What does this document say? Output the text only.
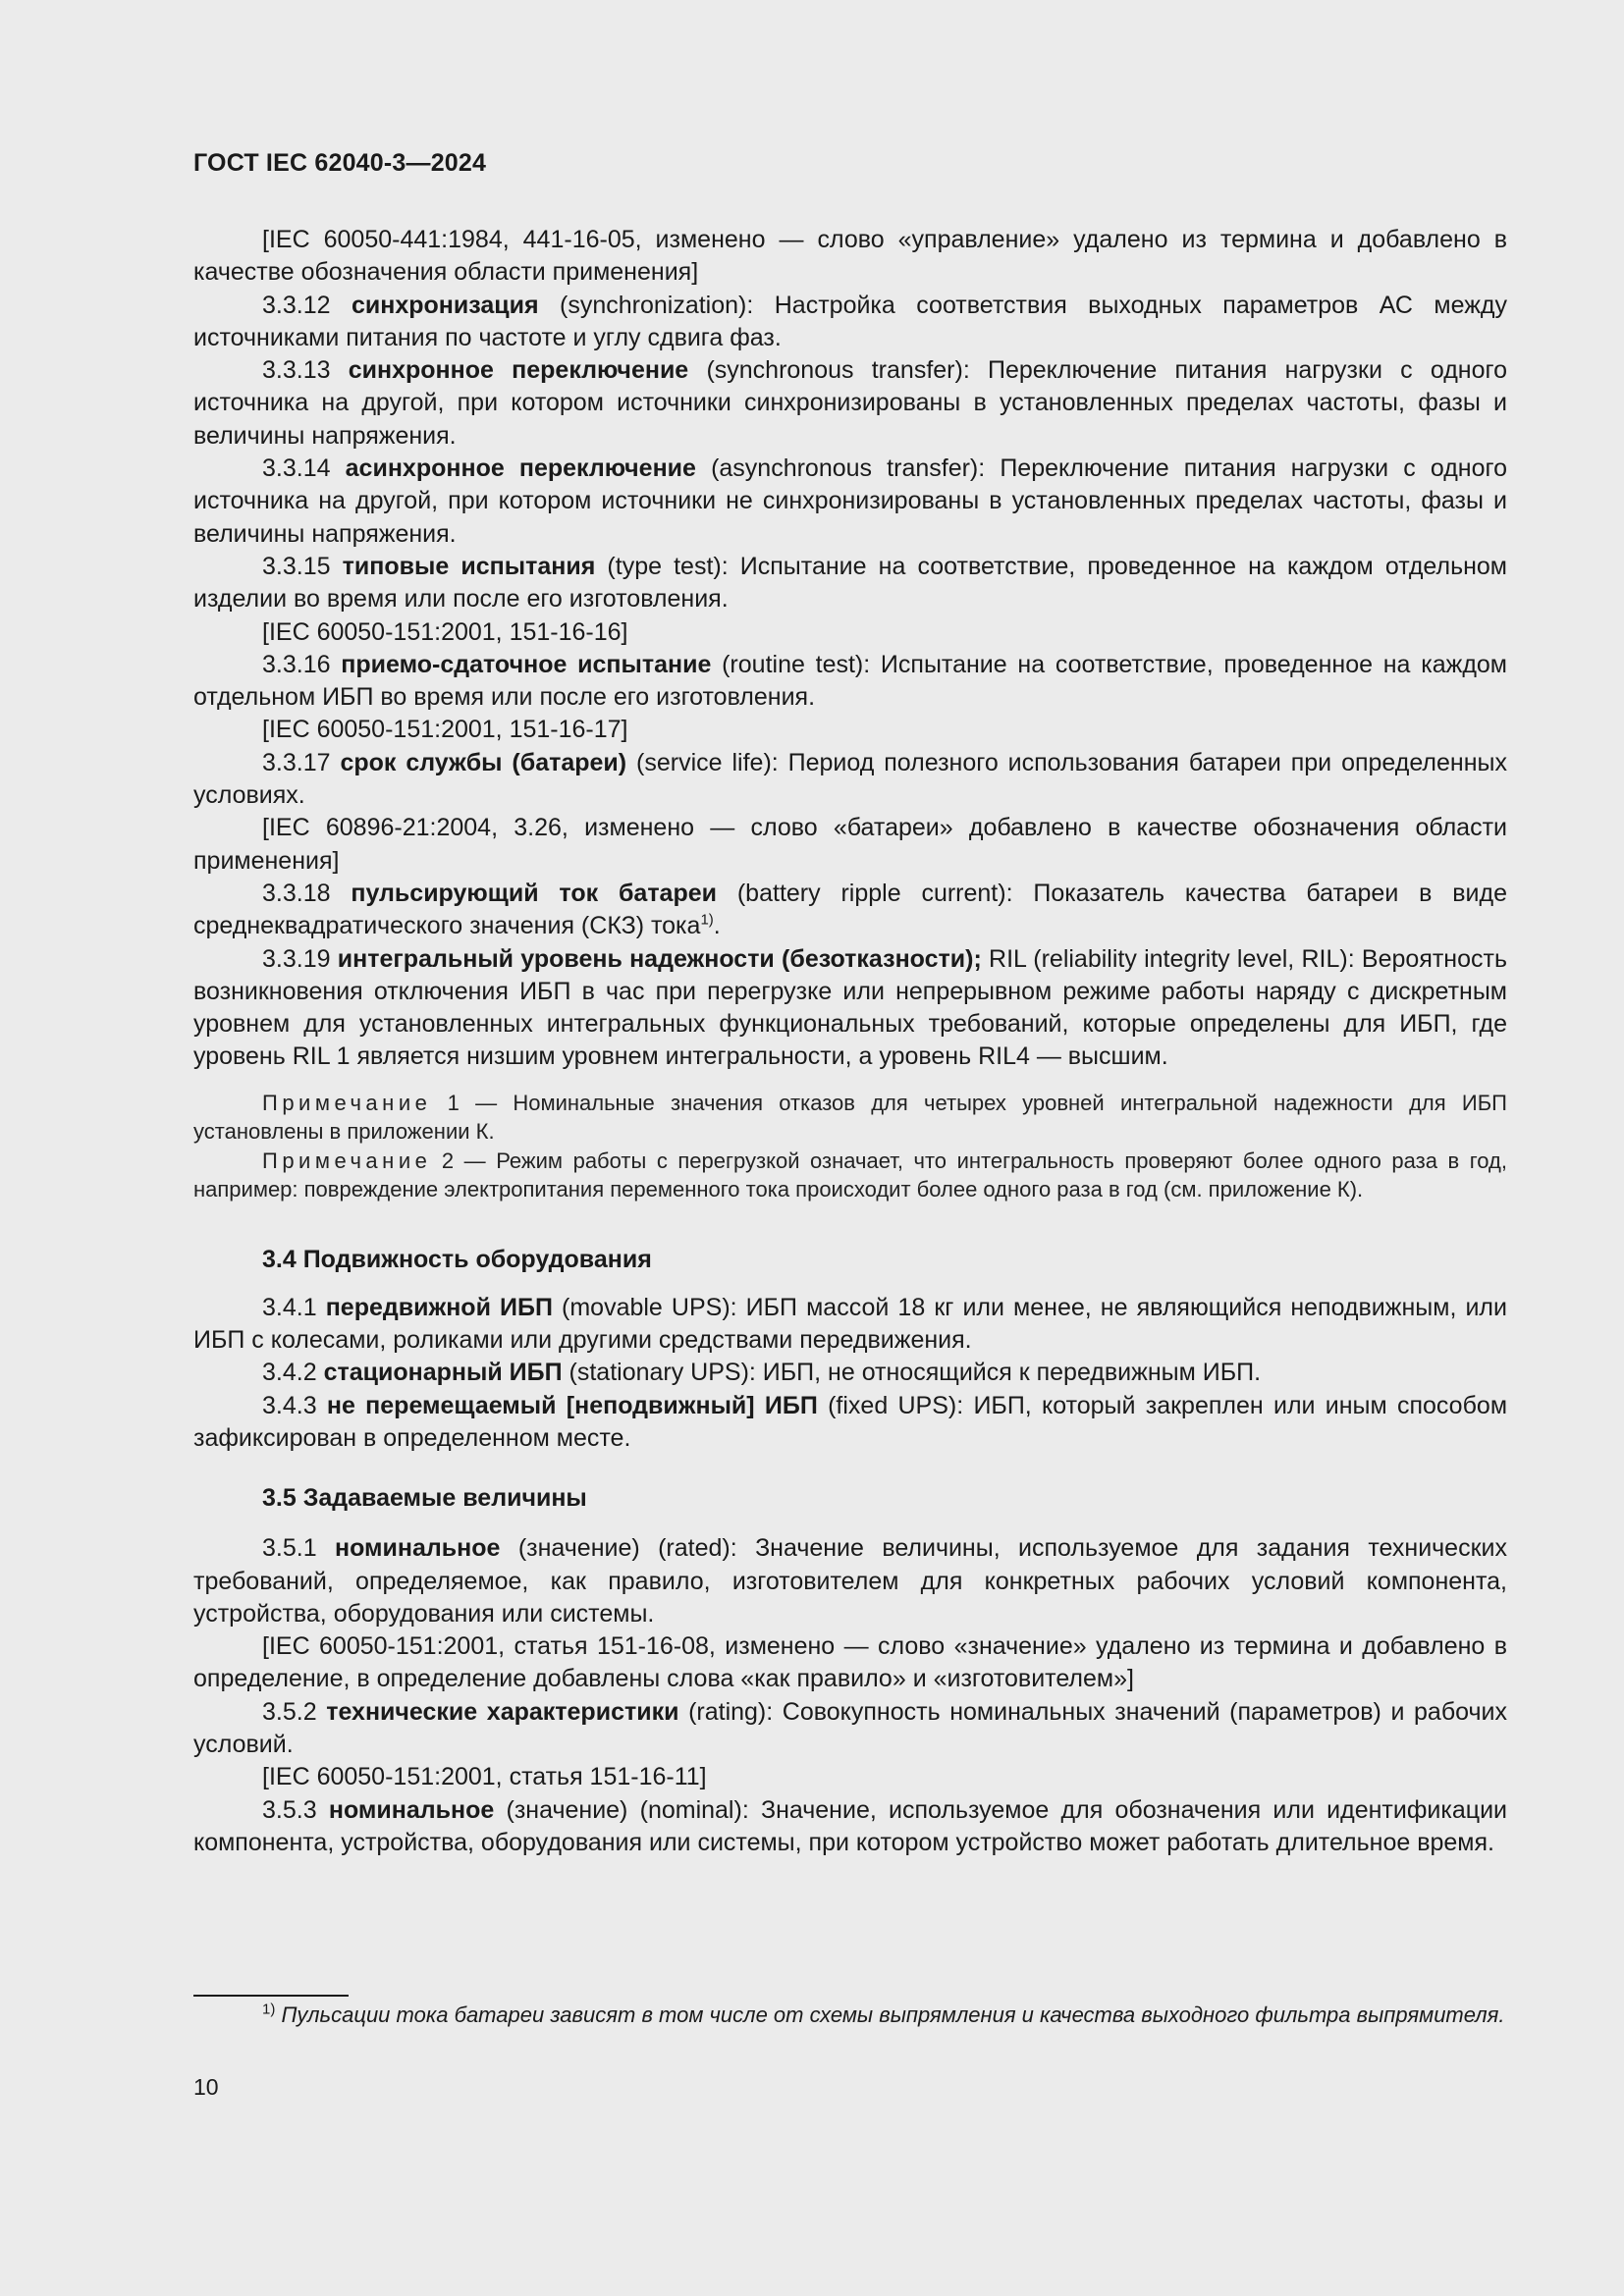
ГОСТ IEC 62040-3—2024

[IEC 60050-441:1984, 441-16-05, изменено — слово «управление» удалено из термина и добавлено в качестве обозначения области применения]

3.3.12 синхронизация (synchronization): Настройка соответствия выходных параметров АС между источниками питания по частоте и углу сдвига фаз.

3.3.13 синхронное переключение (synchronous transfer): Переключение питания нагрузки с одного источника на другой, при котором источники синхронизированы в установленных пределах частоты, фазы и величины напряжения.

3.3.14 асинхронное переключение (asynchronous transfer): Переключение питания нагрузки с одного источника на другой, при котором источники не синхронизированы в установленных пределах частоты, фазы и величины напряжения.

3.3.15 типовые испытания (type test): Испытание на соответствие, проведенное на каждом отдельном изделии во время или после его изготовления.

[IEC 60050-151:2001, 151-16-16]

3.3.16 приемо-сдаточное испытание (routine test): Испытание на соответствие, проведенное на каждом отдельном ИБП во время или после его изготовления.

[IEC 60050-151:2001, 151-16-17]

3.3.17 срок службы (батареи) (service life): Период полезного использования батареи при определенных условиях.

[IEC 60896-21:2004, 3.26, изменено — слово «батареи» добавлено в качестве обозначения области применения]

3.3.18 пульсирующий ток батареи (battery ripple current): Показатель качества батареи в виде среднеквадратического значения (СКЗ) тока$^{1)}$.

3.3.19 интегральный уровень надежности (безотказности); RIL (reliability integrity level, RIL): Вероятность возникновения отключения ИБП в час при перегрузке или непрерывном режиме работы наряду с дискретным уровнем для установленных интегральных функциональных требований, которые определены для ИБП, где уровень RIL 1 является низшим уровнем интегральности, а уровень RIL4 — высшим.

Примечание 1 — Номинальные значения отказов для четырех уровней интегральной надежности для ИБП установлены в приложении К.

Примечание 2 — Режим работы с перегрузкой означает, что интегральность проверяют более одного раза в год, например: повреждение электропитания переменного тока происходит более одного раза в год (см. приложение К).

3.4 Подвижность оборудования

3.4.1 передвижной ИБП (movable UPS): ИБП массой 18 кг или менее, не являющийся неподвижным, или ИБП с колесами, роликами или другими средствами передвижения.

3.4.2 стационарный ИБП (stationary UPS): ИБП, не относящийся к передвижным ИБП.

3.4.3 не перемещаемый [неподвижный] ИБП (fixed UPS): ИБП, который закреплен или иным способом зафиксирован в определенном месте.

3.5 Задаваемые величины

3.5.1 номинальное (значение) (rated): Значение величины, используемое для задания технических требований, определяемое, как правило, изготовителем для конкретных рабочих условий компонента, устройства, оборудования или системы.

[IEC 60050-151:2001, статья 151-16-08, изменено — слово «значение» удалено из термина и добавлено в определение, в определение добавлены слова «как правило» и «изготовителем»]

3.5.2 технические характеристики (rating): Совокупность номинальных значений (параметров) и рабочих условий.

[IEC 60050-151:2001, статья 151-16-11]

3.5.3 номинальное (значение) (nominal): Значение, используемое для обозначения или идентификации компонента, устройства, оборудования или системы, при котором устройство может работать длительное время.

$^{1)}$ Пульсации тока батареи зависят в том числе от схемы выпрямления и качества выходного фильтра выпрямителя.

10
